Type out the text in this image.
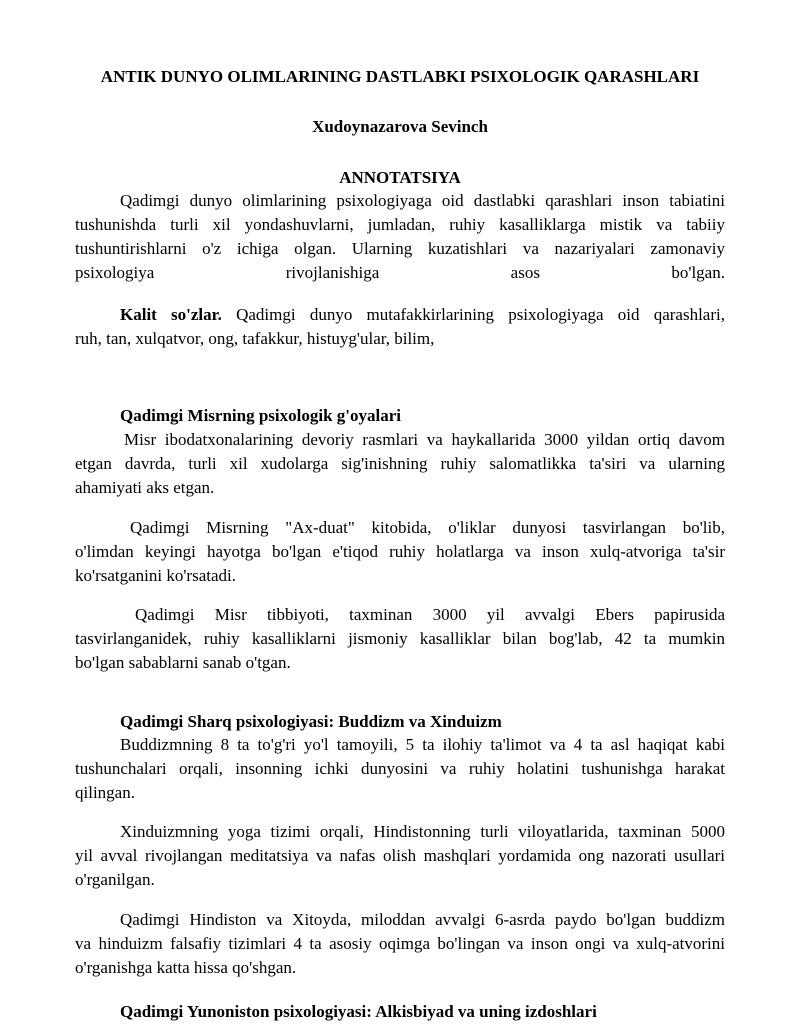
ANTIK DUNYO OLIMLARINING DASTLABKI PSIXOLOGIK QARASHLARI
Xudoynazarova Sevinch
ANNOTATSIYA
Qadimgi dunyo olimlarining psixologiyaga oid dastlabki qarashlari inson tabiatini
tushunishda turli xil yondashuvlarni, jumladan, ruhiy kasalliklarga mistik va tabiiy
tushuntirishlarni o'z ichiga olgan. Ularning kuzatishlari va nazariyalari zamonaviy
psixologiya	rivojlanishiga	asos	bo'lgan.
Kalit so'zlar. Qadimgi dunyo mutafakkirlarining psixologiyaga oid qarashlari,
ruh, tan, xulqatvor, ong, tafakkur, histuyg'ular, bilim,
Qadimgi Misrning psixologik g'oyalari
Misr ibodatxonalarining devoriy rasmlari va haykallarida 3000 yildan ortiq davom
etgan davrda, turli xil xudolarga sig'inishning ruhiy salomatlikka ta'siri va ularning
ahamiyati aks etgan.
Qadimgi Misrning "Ax-duat" kitobida, o'liklar dunyosi tasvirlangan bo'lib,
o'limdan keyingi hayotga bo'lgan e'tiqod ruhiy holatlarga va inson xulq-atvoriga ta'sir
ko'rsatganini ko'rsatadi.
Qadimgi Misr tibbiyoti, taxminan 3000 yil avvalgi Ebers papirusida
tasvirlanganidek, ruhiy kasalliklarni jismoniy kasalliklar bilan bog'lab, 42 ta mumkin
bo'lgan sabablarni sanab o'tgan.
Qadimgi Sharq psixologiyasi: Buddizm va Xinduizm
Buddizmning 8 ta to'g'ri yo'l tamoyili, 5 ta ilohiy ta'limot va 4 ta asl haqiqat kabi
tushunchalari orqali, insonning ichki dunyosini va ruhiy holatini tushunishga harakat
qilingan.
Xinduizmning yoga tizimi orqali, Hindistonning turli viloyatlarida, taxminan 5000
yil avval rivojlangan meditatsiya va nafas olish mashqlari yordamida ong nazorati usullari
o'rganilgan.
Qadimgi Hindiston va Xitoyda, miloddan avvalgi 6-asrda paydo bo'lgan buddizm
va hinduizm falsafiy tizimlari 4 ta asosiy oqimga bo'lingan va inson ongi va xulq-atvorini
o'rganishga katta hissa qo'shgan.
Qadimgi Yunoniston psixologiyasi: Alkisbiyad va uning izdoshlari
